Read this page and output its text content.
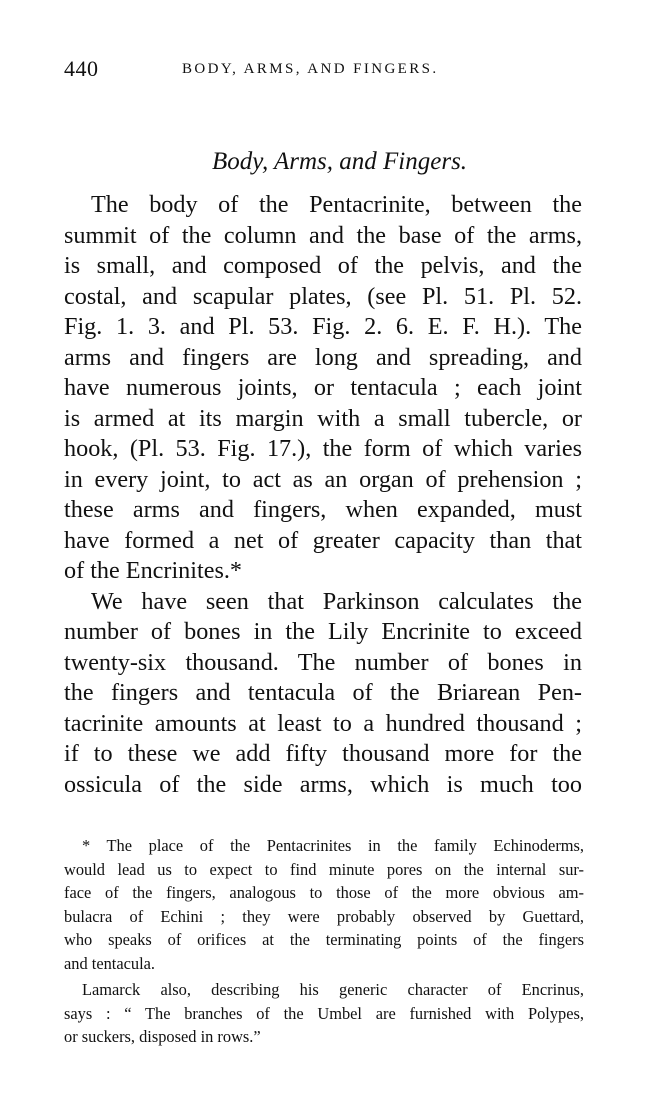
440	BODY, ARMS, AND FINGERS.
Body, Arms, and Fingers.
The body of the Pentacrinite, between the
summit of the column and the base of the arms,
is small, and composed of the pelvis, and the
costal, and scapular plates, (see Pl. 51. Pl. 52.
Fig. 1. 3. and Pl. 53. Fig. 2. 6. E. F. H.). The
arms and fingers are long and spreading, and
have numerous joints, or tentacula ; each joint
is armed at its margin with a small tubercle, or
hook, (Pl. 53. Fig. 17.), the form of which varies
in every joint, to act as an organ of prehension ;
these arms and fingers, when expanded, must
have formed a net of greater capacity than that
of the Encrinites.*
We have seen that Parkinson calculates the
number of bones in the Lily Encrinite to exceed
twenty-six thousand. The number of bones in
the fingers and tentacula of the Briarean Pen-
tacrinite amounts at least to a hundred thousand ;
if to these we add fifty thousand more for the
ossicula of the side arms, which is much too
* The place of the Pentacrinites in the family Echinoderms,
would lead us to expect to find minute pores on the internal sur-
face of the fingers, analogous to those of the more obvious am-
bulacra of Echini ; they were probably observed by Guettard,
who speaks of orifices at the terminating points of the fingers
and tentacula.
Lamarck also, describing his generic character of Encrinus,
says : “ The branches of the Umbel are furnished with Polypes,
or suckers, disposed in rows.”
